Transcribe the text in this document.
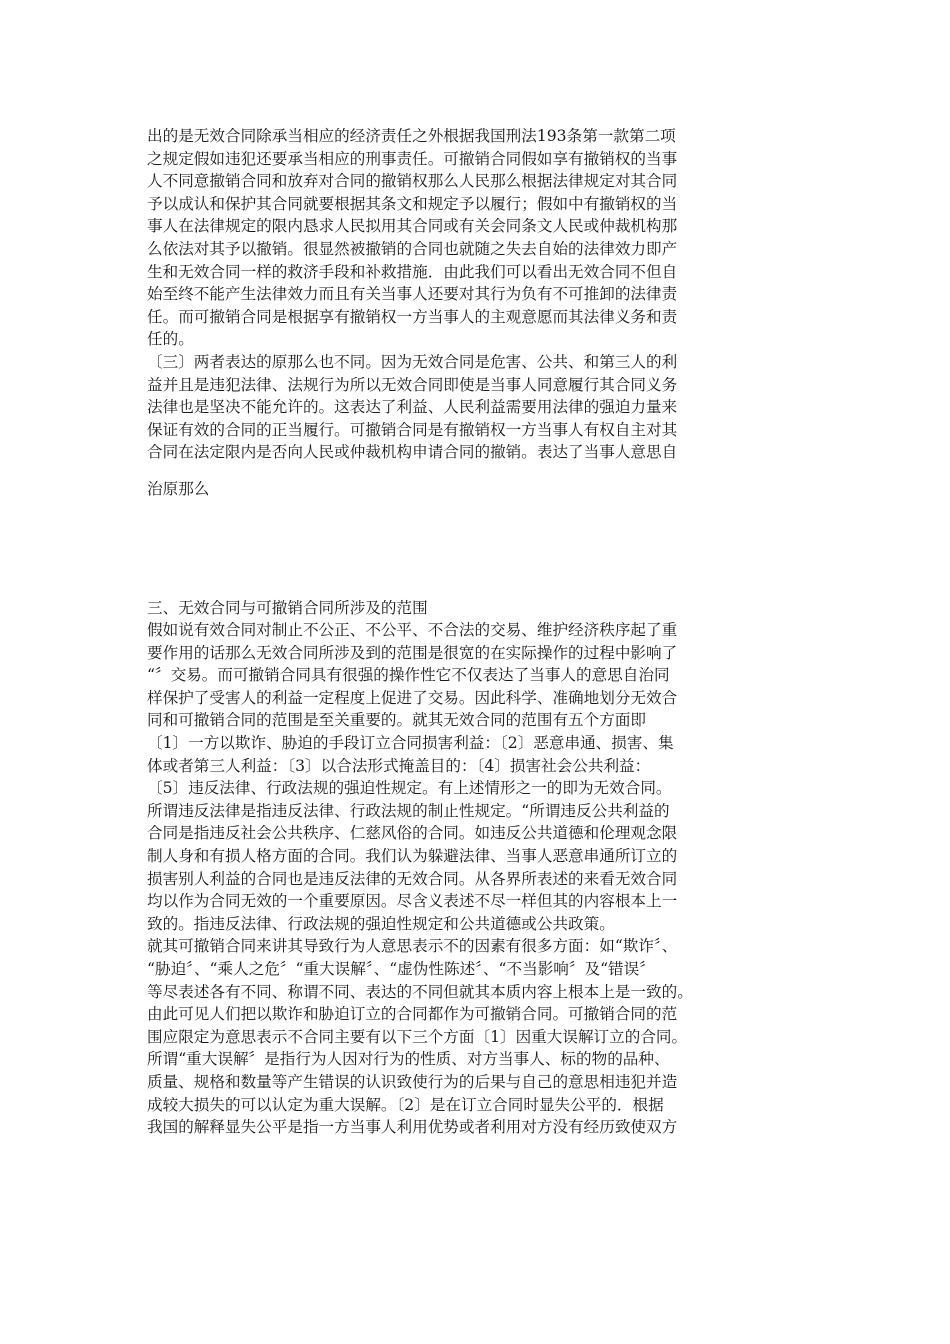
出的是无效合同除承当相应的经济责任之外根据我国刑法193条第一款第二项
之规定假如违犯还要承当相应的刑事责任。可撤销合同假如享有撤销权的当事
人不同意撤销合同和放弃对合同的撤销权那么人民那么根据法律规定对其合同
予以成认和保护其合同就要根据其条文和规定予以履行；假如中有撤销权的当
事人在法律规定的限内恳求人民拟用其合同或有关会同条文人民或仲裁机构那
么依法对其予以撤销。很显然被撤销的合同也就随之失去自始的法律效力即产
生和无效合同一样的救济手段和补救措施．由此我们可以看出无效合同不但自
始至终不能产生法律效力而且有关当事人还要对其行为负有不可推卸的法律责
任。而可撤销合同是根据享有撤销权一方当事人的主观意愿而其法律义务和责
任的。

〔三〕两者表达的原那么也不同。因为无效合同是危害、公共、和第三人的利
益并且是违犯法律、法规行为所以无效合同即使是当事人同意履行其合同义务
法律也是坚决不能允许的。这表达了利益、人民利益需要用法律的强迫力量来
保证有效的合同的正当履行。可撤销合同是有撤销权一方当事人有权自主对其
合同在法定限内是否向人民或仲裁机构申请合同的撤销。表达了当事人意思自

治原那么

三、无效合同与可撤销合同所涉及的范围

假如说有效合同对制止不公正、不公平、不合法的交易、维护经济秩序起了重
要作用的话那么无效合同所涉及到的范围是很宽的在实际操作的过程中影响了
“〞交易。而可撤销合同具有很强的操作性它不仅表达了当事人的意思自治同
样保护了受害人的利益一定程度上促进了交易。因此科学、准确地划分无效合
同和可撤销合同的范围是至关重要的。就其无效合同的范围有五个方面即
〔1〕一方以欺诈、胁迫的手段订立合同损害利益：〔2〕恶意串通、损害、集
体或者第三人利益：〔3〕以合法形式掩盖目的：〔4〕损害社会公共利益：
〔5〕违反法律、行政法规的强迫性规定。有上述情形之一的即为无效合同。
所谓违反法律是指违反法律、行政法规的制止性规定。“所谓违反公共利益的
合同是指违反社会公共秩序、仁慈风俗的合同。如违反公共道德和伦理观念限
制人身和有损人格方面的合同。我们认为躲避法律、当事人恶意串通所订立的
损害别人利益的合同也是违反法律的无效合同。从各界所表述的来看无效合同
均以作为合同无效的一个重要原因。尽含义表述不尽一样但其的内容根本上一
致的。指违反法律、行政法规的强迫性规定和公共道德或公共政策。

就其可撤销合同来讲其导致行为人意思表示不的因素有很多方面：如“欺诈〞、
“胁迫〞、“乘人之危〞“重大误解〞、“虚伪性陈述〞、“不当影响〞及“错误〞
等尽表述各有不同、称谓不同、表达的不同但就其本质内容上根本上是一致的。
由此可见人们把以欺诈和胁迫订立的合同都作为可撤销合同。可撤销合同的范
围应限定为意思表示不合同主要有以下三个方面〔1〕因重大误解订立的合同。
所谓“重大误解〞是指行为人因对行为的性质、对方当事人、标的物的品种、
质量、规格和数量等产生错误的认识致使行为的后果与自己的意思相违犯并造
成较大损失的可以认定为重大误解。〔2〕是在订立合同时显失公平的．根据
我国的解释显失公平是指一方当事人利用优势或者利用对方没有经历致使双方
